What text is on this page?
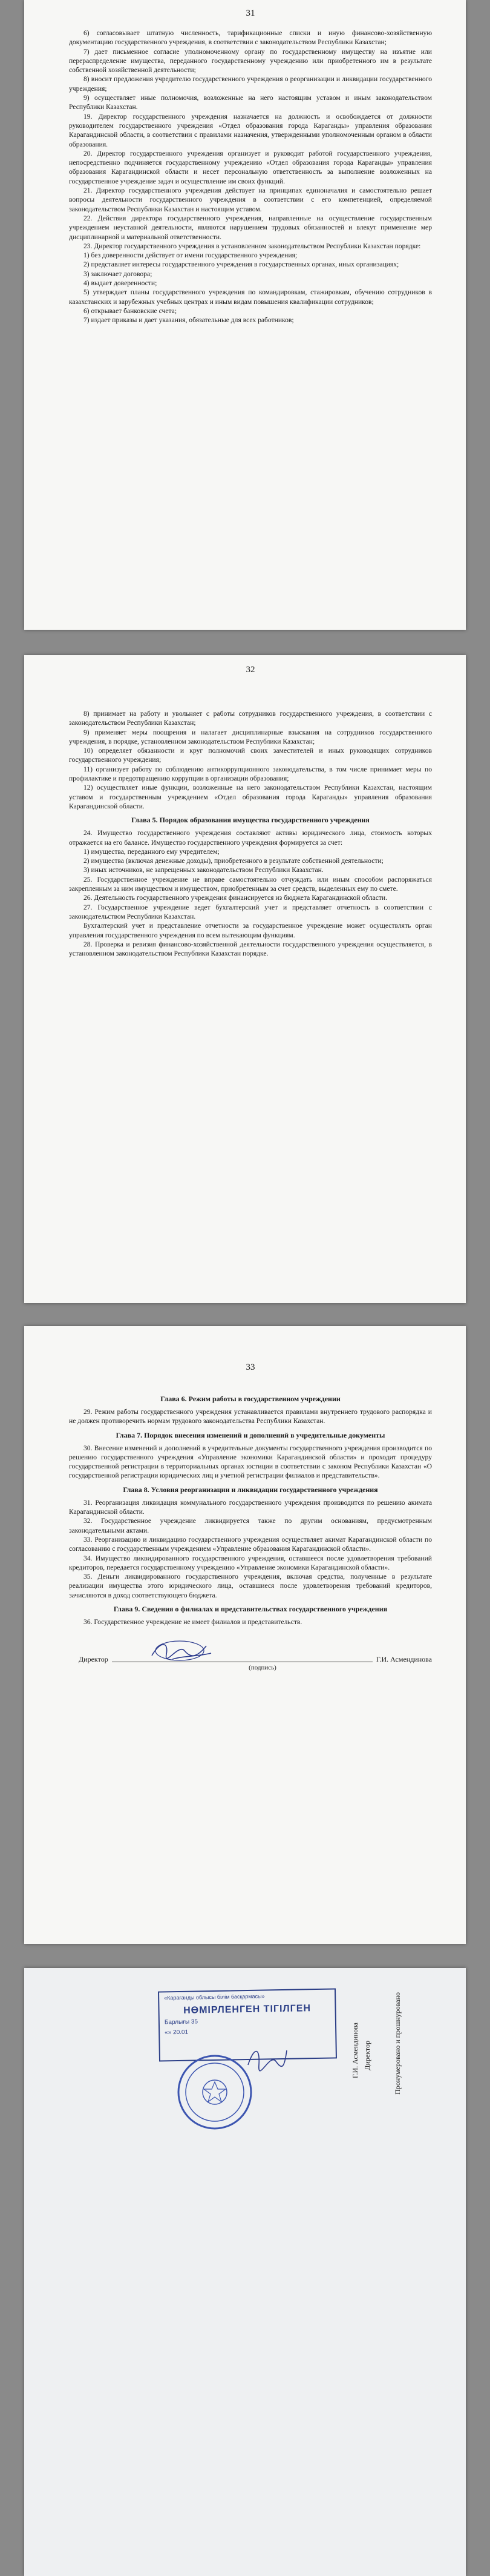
31

6) согласовывает штатную численность, тарификационные списки и иную финансово-хозяйственную документацию государственного учреждения, в соответствии с законодательством Республики Казахстан;

7) дает письменное согласие уполномоченному органу по государственному имуществу на изъятие или перераспределение имущества, переданного государственному учреждению или приобретенного им в результате собственной хозяйственной деятельности;

8) вносит предложения учредителю государственного учреждения о реорганизации и ликвидации государственного учреждения;

9) осуществляет иные полномочия, возложенные на него настоящим уставом и иным законодательством Республики Казахстан.

19. Директор государственного учреждения назначается на должность и освобождается от должности руководителем государственного учреждения «Отдел образования города Караганды» управления образования Карагандинской области, в соответствии с правилами назначения, утвержденными уполномоченным органом в области образования.

20. Директор государственного учреждения организует и руководит работой государственного учреждения, непосредственно подчиняется государственному учреждению «Отдел образования города Караганды» управления образования Карагандинской области и несет персональную ответственность за выполнение возложенных на государственное учреждение задач и осуществление им своих функций.

21. Директор государственного учреждения действует на принципах единоначалия и самостоятельно решает вопросы деятельности государственного учреждения в соответствии с его компетенцией, определяемой законодательством Республики Казахстан и настоящим уставом.

22. Действия директора государственного учреждения, направленные на осуществление государственным учреждением неуставной деятельности, являются нарушением трудовых обязанностей и влекут применение мер дисциплинарной и материальной ответственности.

23. Директор государственного учреждения в установленном законодательством Республики Казахстан порядке:

1) без доверенности действует от имени государственного учреждения;

2) представляет интересы государственного учреждения в государственных органах, иных организациях;

3) заключает договора;

4) выдает доверенности;

5) утверждает планы государственного учреждения по командировкам, стажировкам, обучению сотрудников в казахстанских и зарубежных учебных центрах и иным видам повышения квалификации сотрудников;

6) открывает банковские счета;

7) издает приказы и дает указания, обязательные для всех работников;

32

8) принимает на работу и увольняет с работы сотрудников государственного учреждения, в соответствии с законодательством Республики Казахстан;

9) применяет меры поощрения и налагает дисциплинарные взыскания на сотрудников государственного учреждения, в порядке, установленном законодательством Республики Казахстан;

10) определяет обязанности и круг полномочий своих заместителей и иных руководящих сотрудников государственного учреждения;

11) организует работу по соблюдению антикоррупционного законодательства, в том числе принимает меры по профилактике и предотвращению коррупции в организации образования;

12) осуществляет иные функции, возложенные на него законодательством Республики Казахстан, настоящим уставом и государственным учреждением «Отдел образования города Караганды» управления образования Карагандинской области.

Глава 5. Порядок образования имущества государственного учреждения

24. Имущество государственного учреждения составляют активы юридического лица, стоимость которых отражается на его балансе. Имущество государственного учреждения формируется за счет:

1) имущества, переданного ему учредителем;

2) имущества (включая денежные доходы), приобретенного в результате собственной деятельности;

3) иных источников, не запрещенных законодательством Республики Казахстан.

25. Государственное учреждение не вправе самостоятельно отчуждать или иным способом распоряжаться закрепленным за ним имуществом и имуществом, приобретенным за счет средств, выделенных ему по смете.

26. Деятельность государственного учреждения финансируется из бюджета Карагандинской области.

27. Государственное учреждение ведет бухгалтерский учет и представляет отчетность в соответствии с законодательством Республики Казахстан.

Бухгалтерский учет и представление отчетности за государственное учреждение может осуществлять орган управления государственного учреждения по всем вытекающим функциям.

28. Проверка и ревизия финансово-хозяйственной деятельности государственного учреждения осуществляется, в установленном законодательством Республики Казахстан порядке.

33
Глава 6. Режим работы в государственном учреждении

29. Режим работы государственного учреждения устанавливается правилами внутреннего трудового распорядка и не должен противоречить нормам трудового законодательства Республики Казахстан.

Глава 7. Порядок внесения изменений и дополнений в учредительные документы

30. Внесение изменений и дополнений в учредительные документы государственного учреждения производится по решению государственного учреждения «Управление экономики Карагандинской области» и проходит процедуру государственной регистрации в территориальных органах юстиции в соответствии с законом Республики Казахстан «О государственной регистрации юридических лиц и учетной регистрации филиалов и представительств».

Глава 8. Условия реорганизации и ликвидации государственного учреждения

31. Реорганизация ликвидация коммунального государственного учреждения производится по решению акимата Карагандинской области.

32. Государственное учреждение ликвидируется также по другим основаниям, предусмотренным законодательными актами.

33. Реорганизацию и ликвидацию государственного учреждения осуществляет акимат Карагандинской области по согласованию с государственным учреждением «Управление образования Карагандинской области».

34. Имущество ликвидированного государственного учреждения, оставшееся после удовлетворения требований кредиторов, передается государственному учреждению «Управление экономики Карагандинской области».

35. Деньги ликвидированного государственного учреждения, включая средства, полученные в результате реализации имущества этого юридического лица, оставшиеся после удовлетворения требований кредиторов, зачисляются в доход соответствующего бюджета.

Глава 9. Сведения о филиалах и представительствах государственного учреждения

36. Государственное учреждение не имеет филиалов и представительств.

Директор	Г.И. Асмендинова
(подпись)
«Карағанды облысы білім басқармасы»
НӨМІРЛЕНГЕН ТІГІЛГЕН
Барлығы 35
«» 20.01	Пронумеровано и прошнуровано
Директор
Г.И. Асмендинова
